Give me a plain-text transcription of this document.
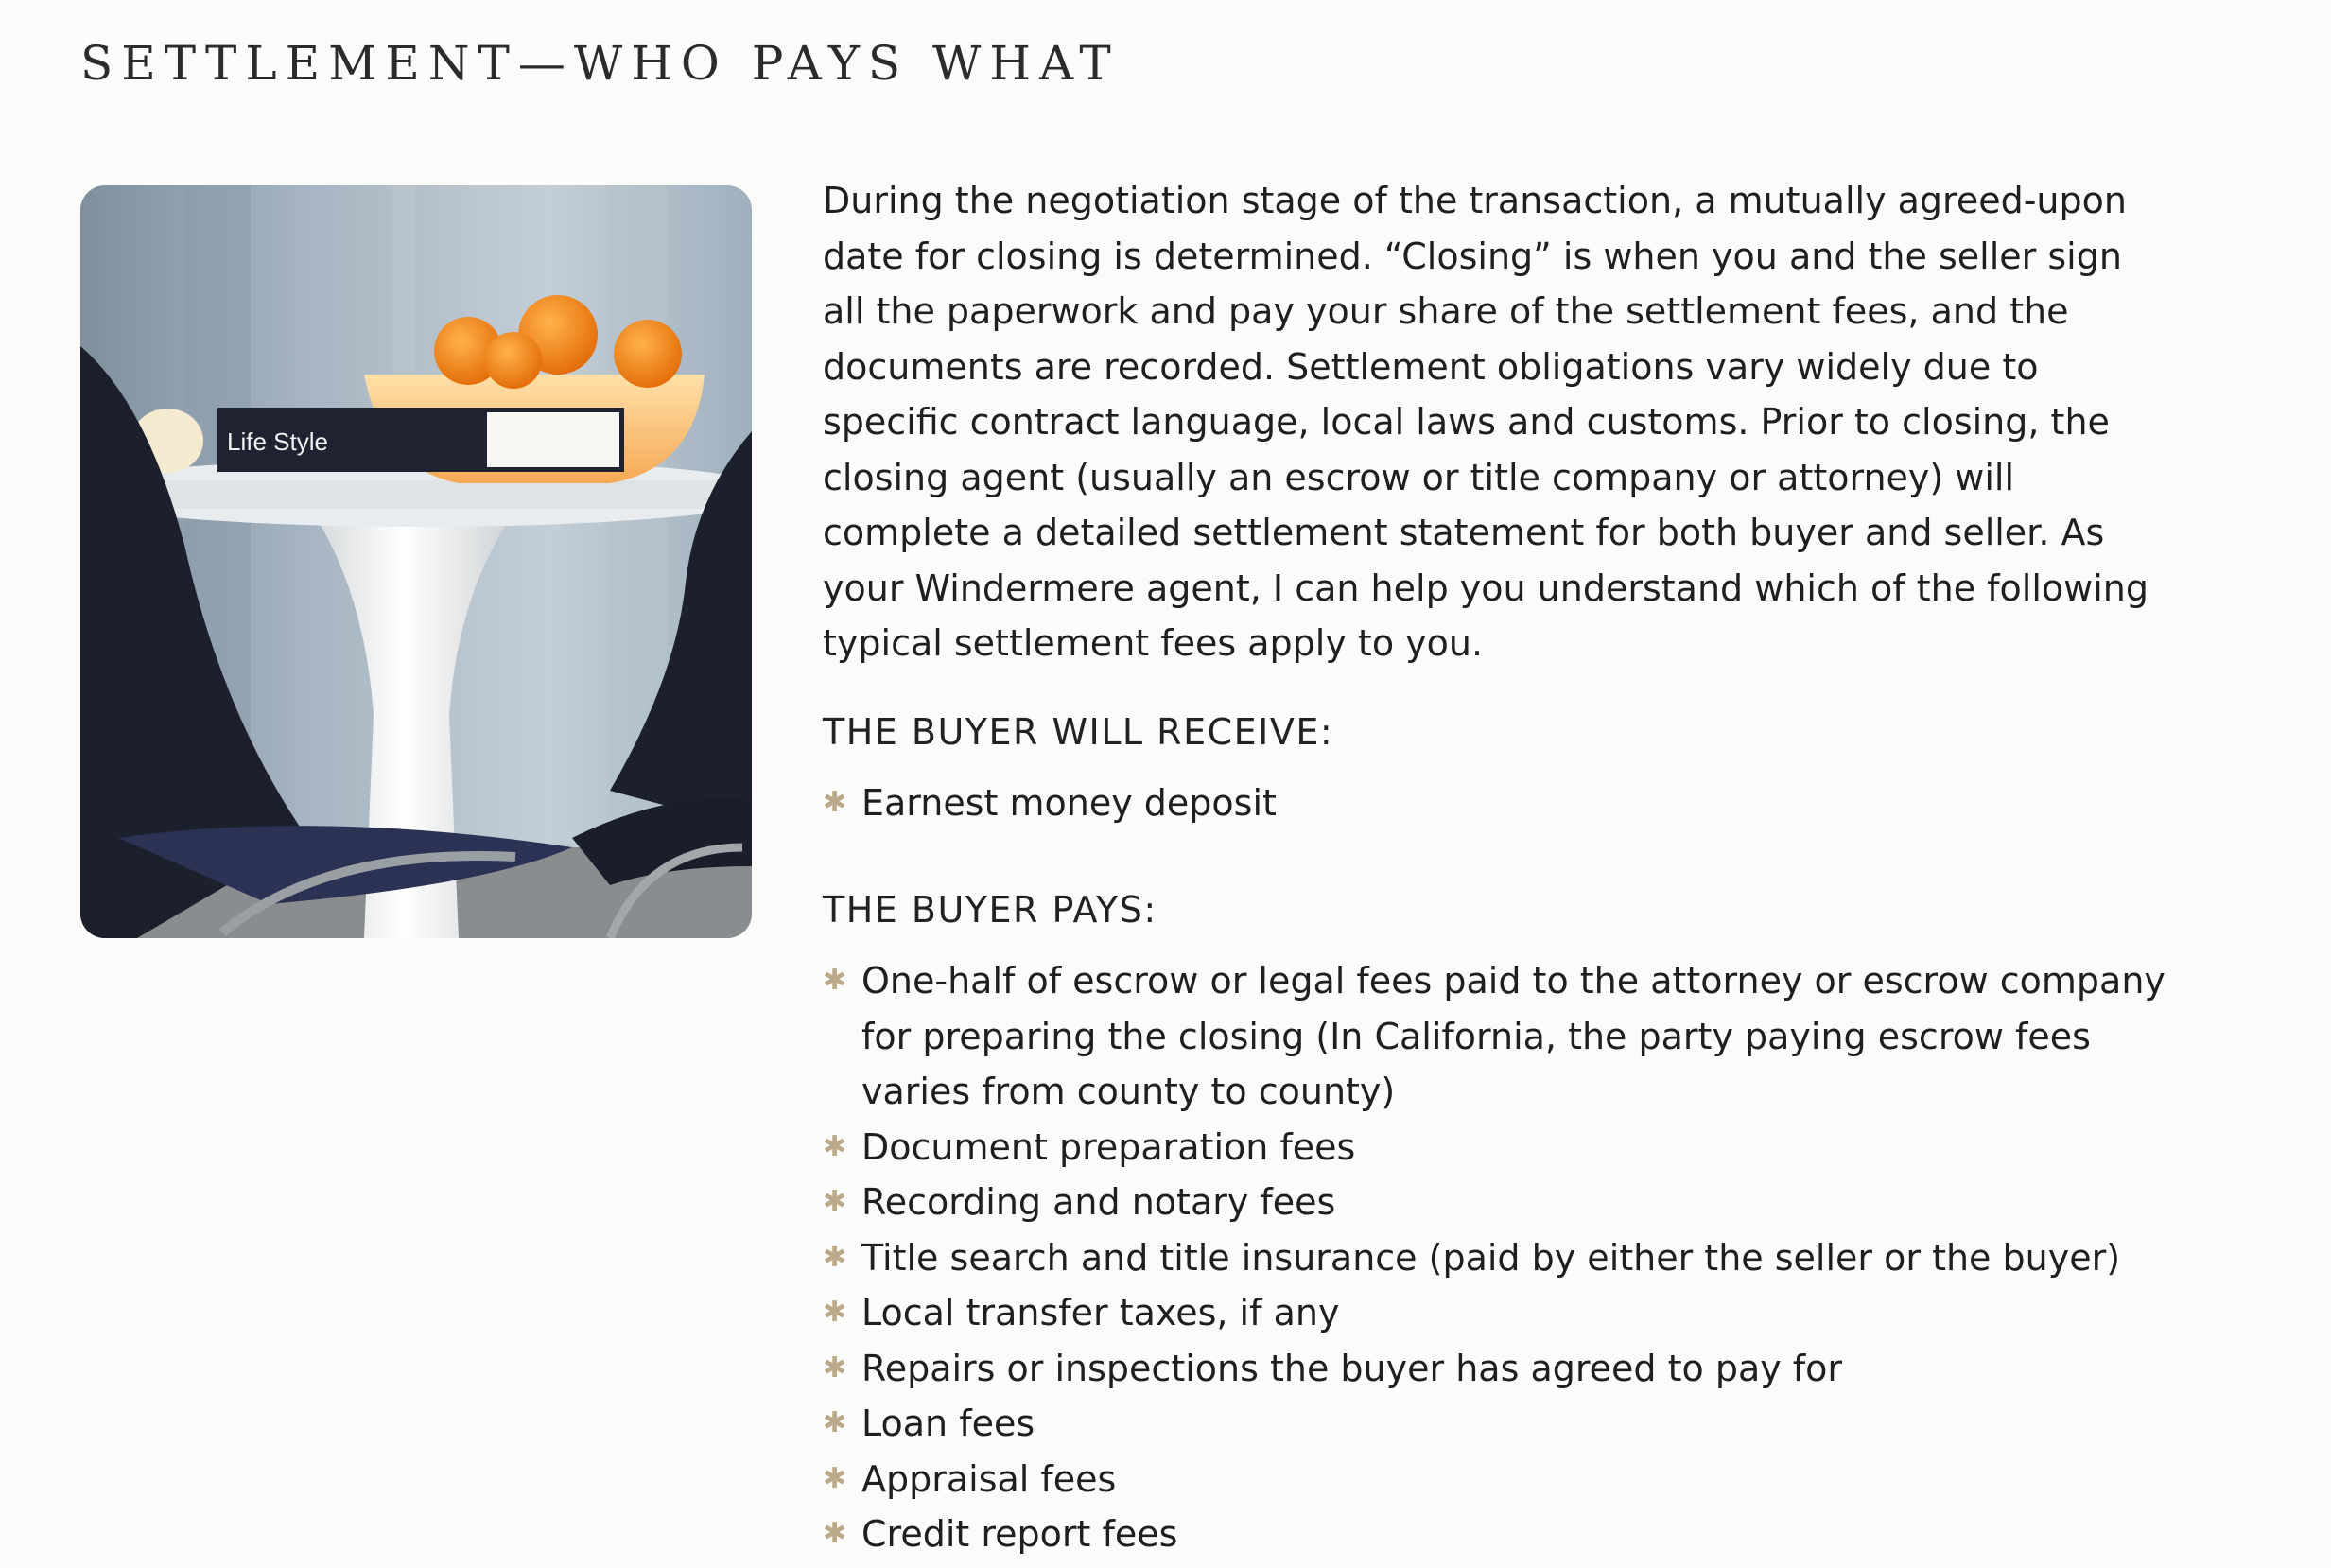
SETTLEMENT—WHO PAYS WHAT
Life Style

During the negotiation stage of the transaction, a mutually agreed-upon date for closing is determined. “Closing” is when you and the seller sign all the paperwork and pay your share of the settlement fees, and the documents are recorded. Settlement obligations vary widely due to specific contract language, local laws and customs. Prior to closing, the closing agent (usually an escrow or title company or attorney) will complete a detailed settlement statement for both buyer and seller. As your Windermere agent, I can help you understand which of the following typical settlement fees apply to you.

THE BUYER WILL RECEIVE:
✱ Earnest money deposit
THE BUYER PAYS:
✱ One-half of escrow or legal fees paid to the attorney or escrow company for preparing the closing (In California, the party paying escrow fees varies from county to county)
✱ Document preparation fees
✱ Recording and notary fees
✱ Title search and title insurance (paid by either the seller or the buyer)
✱ Local transfer taxes, if any
✱ Repairs or inspections the buyer has agreed to pay for
✱ Loan fees
✱ Appraisal fees
✱ Credit report fees
